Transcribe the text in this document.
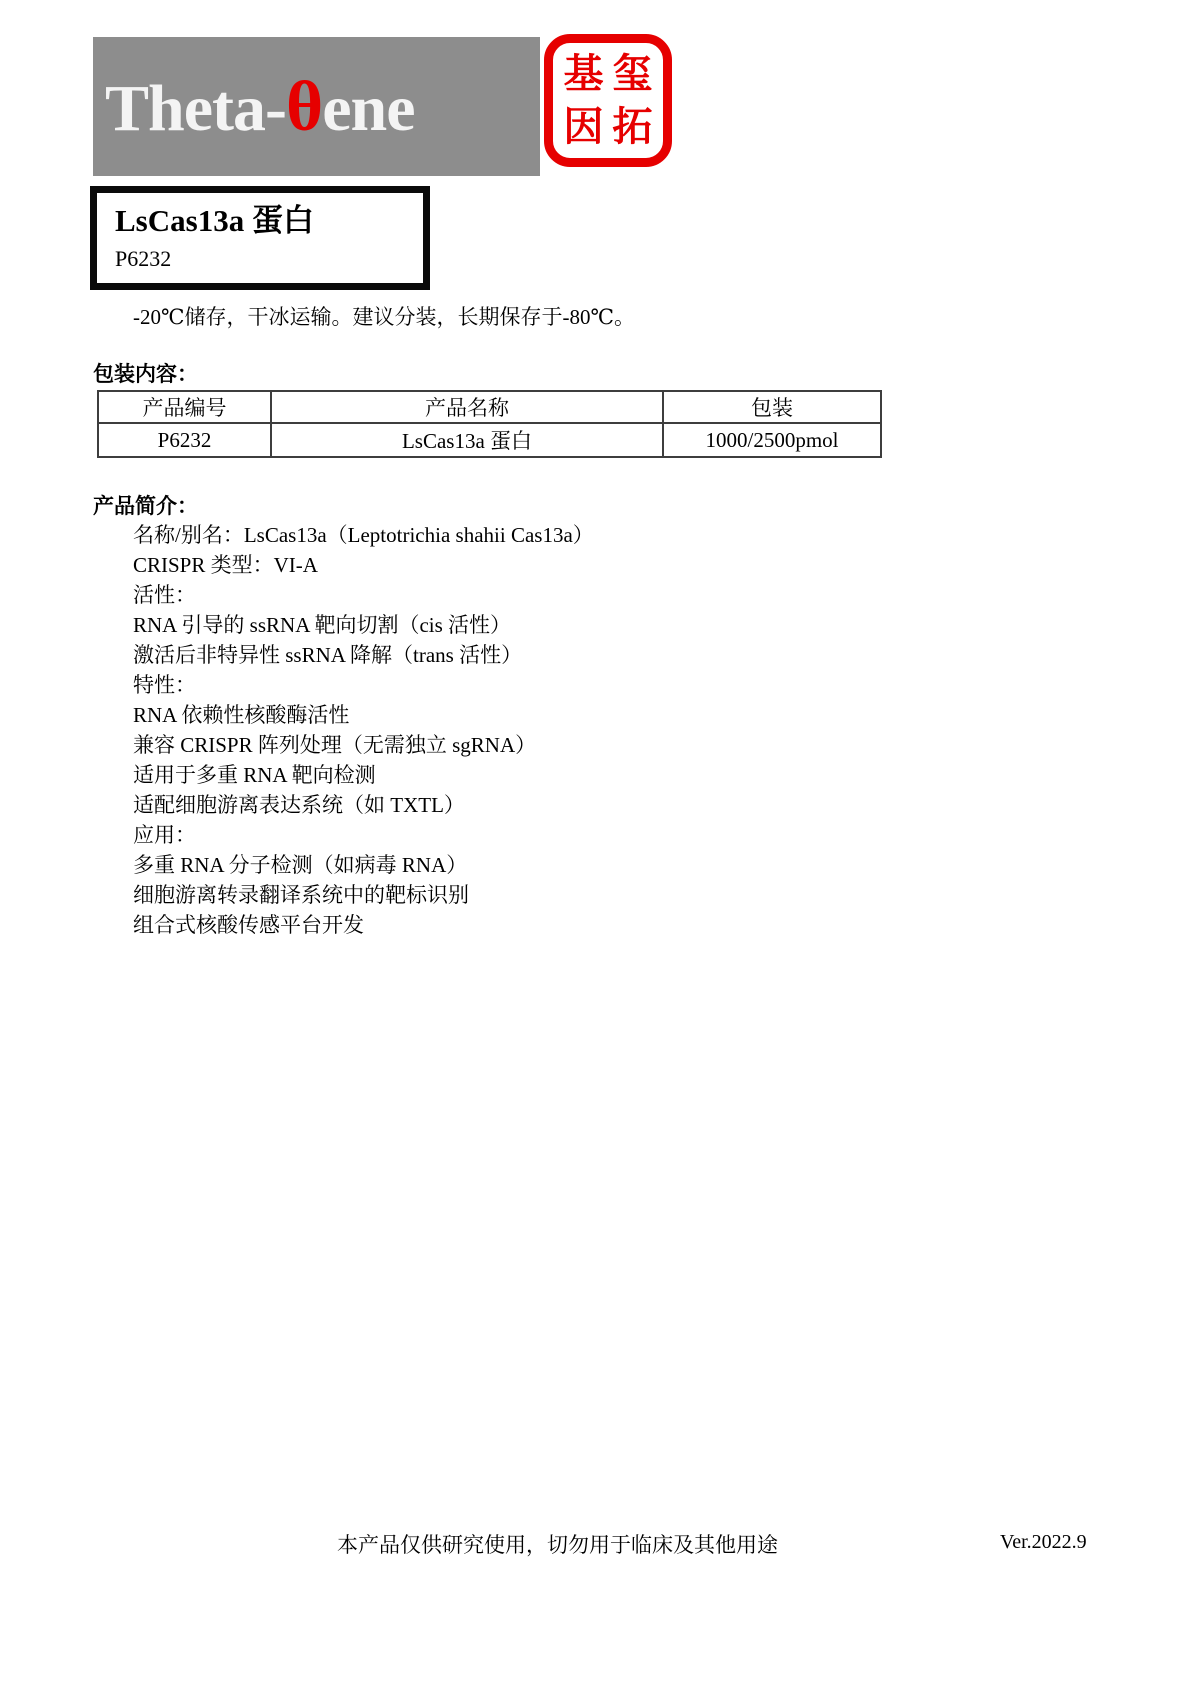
Theta-θene	基 玺
因 拓
LsCas13a 蛋白
P6232
-20℃储存，干冰运输。建议分装，长期保存于-80℃。
包装内容：
产品编号	产品名称	包装
P6232	LsCas13a 蛋白	1000/2500pmol
产品简介：
名称/别名：LsCas13a（Leptotrichia shahii Cas13a）
CRISPR 类型：VI-A
活性：
RNA 引导的 ssRNA 靶向切割（cis 活性）
激活后非特异性 ssRNA 降解（trans 活性）
特性：
RNA 依赖性核酸酶活性
兼容 CRISPR 阵列处理（无需独立 sgRNA）
适用于多重 RNA 靶向检测
适配细胞游离表达系统（如 TXTL）
应用：
多重 RNA 分子检测（如病毒 RNA）
细胞游离转录翻译系统中的靶标识别
组合式核酸传感平台开发
本产品仅供研究使用，切勿用于临床及其他用途	Ver.2022.9
